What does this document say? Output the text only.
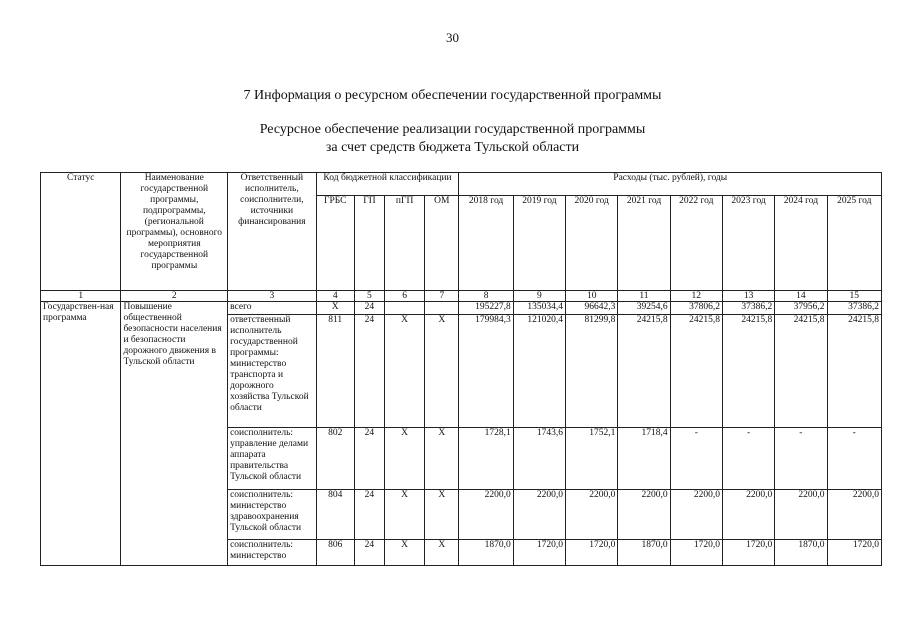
30
7 Информация о ресурсном обеспечении государственной программы
Ресурсное обеспечение реализации государственной программы
за счет средств бюджета Тульской области
Статус	Наименование государственной программы, подпрограммы, (региональной программы), основного мероприятия государственной программы	Ответственный исполнитель, соисполнители, источники финансирования	Код бюджетной классификации				Расходы (тыс. рублей), годы							
			ГРБС	ГП	пГП	ОМ	2018 год	2019 год	2020 год	2021 год	2022 год	2023 год	2024 год	2025 год
1	2	3	4	5	6	7	8	9	10	11	12	13	14	15
Государствен-ная программа	Повышение общественной безопасности населения и безопасности дорожного движения в Тульской области	всего	Х	24			195227,8	135034,4	96642,3	39254,6	37806,2	37386,2	37956,2	37386,2
		ответственный исполнитель государственной программы: министерство транспорта и дорожного хозяйства Тульской области	811	24	Х	Х	179984,3	121020,4	81299,8	24215,8	24215,8	24215,8	24215,8	24215,8
		соисполнитель: управление делами аппарата правительства Тульской области	802	24	Х	Х	1728,1	1743,6	1752,1	1718,4	-	-	-	-
		соисполнитель: министерство здравоохранения Тульской области	804	24	Х	Х	2200,0	2200,0	2200,0	2200,0	2200,0	2200,0	2200,0	2200,0
		соисполнитель: министерство	806	24	Х	Х	1870,0	1720,0	1720,0	1870,0	1720,0	1720,0	1870,0	1720,0
